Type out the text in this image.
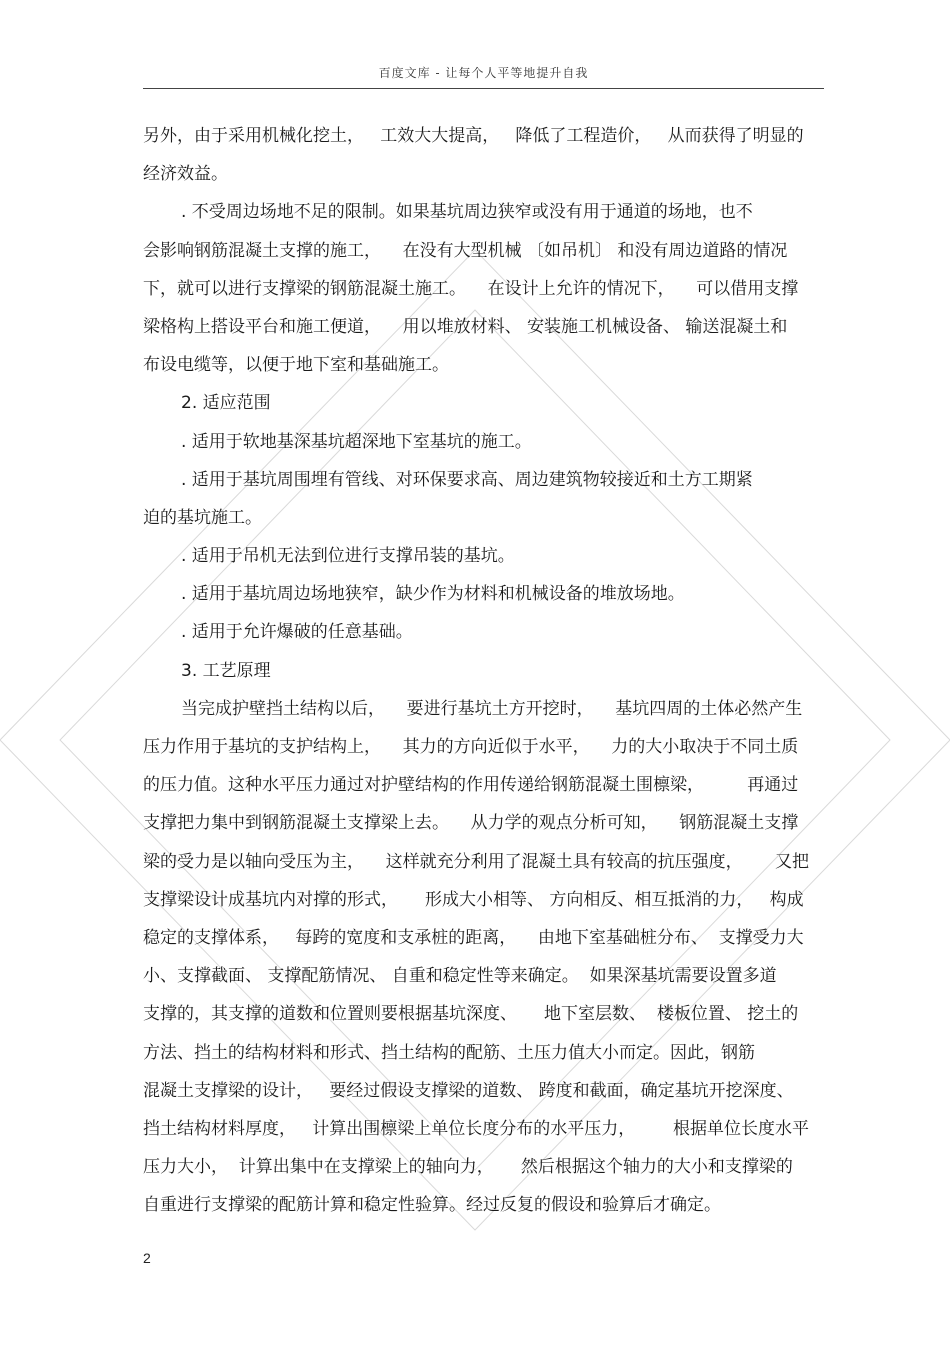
百度文库 - 让每个人平等地提升自我
另外，由于采用机械化挖土，   工效大大提高，   降低了工程造价，   从而获得了明显的
经济效益。
. 不受周边场地不足的限制。如果基坑周边狭窄或没有用于通道的场地，也不
会影响钢筋混凝土支撑的施工，    在没有大型机械 〔如吊机〕 和没有周边道路的情况
下，就可以进行支撑梁的钢筋混凝土施工。    在设计上允许的情况下，    可以借用支撑
梁格构上搭设平台和施工便道，    用以堆放材料、 安装施工机械设备、 输送混凝土和
布设电缆等，以便于地下室和基础施工。
2. 适应范围
. 适用于软地基深基坑超深地下室基坑的施工。
. 适用于基坑周围埋有管线、对环保要求高、周边建筑物较接近和土方工期紧
迫的基坑施工。
. 适用于吊机无法到位进行支撑吊装的基坑。
. 适用于基坑周边场地狭窄，缺少作为材料和机械设备的堆放场地。
. 适用于允许爆破的任意基础。
3. 工艺原理
当完成护壁挡土结构以后，    要进行基坑土方开挖时，    基坑四周的土体必然产生
压力作用于基坑的支护结构上，    其力的方向近似于水平，    力的大小取决于不同土质
的压力值。这种水平压力通过对护壁结构的作用传递给钢筋混凝土围檩梁，        再通过
支撑把力集中到钢筋混凝土支撑梁上去。    从力学的观点分析可知，    钢筋混凝土支撑
梁的受力是以轴向受压为主，    这样就充分利用了混凝土具有较高的抗压强度，      又把
支撑梁设计成基坑内对撑的形式，     形成大小相等、 方向相反、相互抵消的力，   构成
稳定的支撑体系，   每跨的宽度和支承桩的距离，    由地下室基础桩分布、  支撑受力大
小、支撑截面、 支撑配筋情况、 自重和稳定性等来确定。  如果深基坑需要设置多道
支撑的，其支撑的道数和位置则要根据基坑深度、     地下室层数、  楼板位置、 挖土的
方法、挡土的结构材料和形式、挡土结构的配筋、土压力值大小而定。因此，钢筋
混凝土支撑梁的设计，   要经过假设支撑梁的道数、 跨度和截面，确定基坑开挖深度、
挡土结构材料厚度，   计算出围檩梁上单位长度分布的水平压力，       根据单位长度水平
压力大小，  计算出集中在支撑梁上的轴向力，     然后根据这个轴力的大小和支撑梁的
自重进行支撑梁的配筋计算和稳定性验算。经过反复的假设和验算后才确定。
2
